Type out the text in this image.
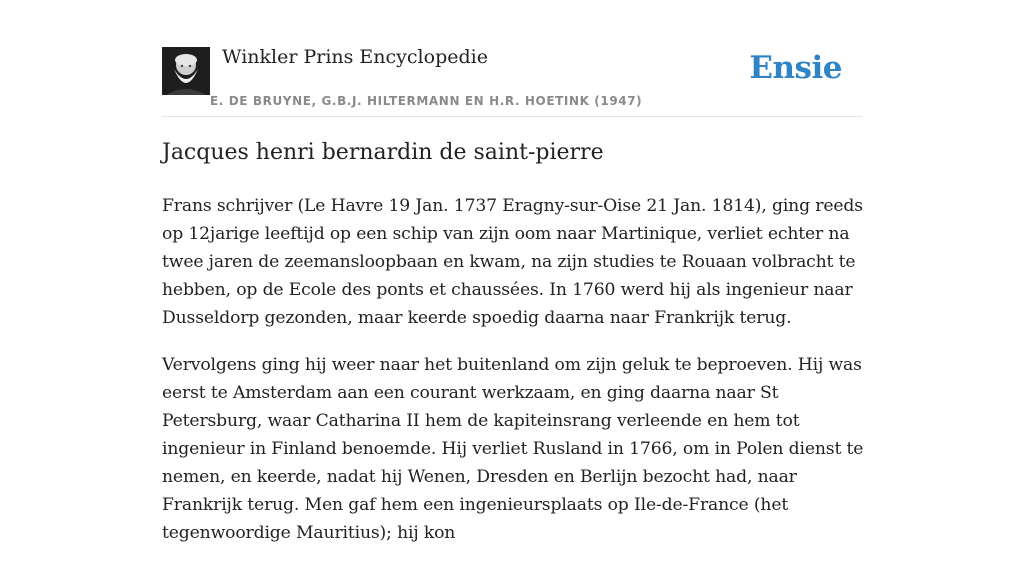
Winkler Prins Encyclopedie
E. DE BRUYNE, G.B.J. HILTERMANN EN H.R. HOETINK (1947)
Ensie
Jacques henri bernardin de saint-pierre

Frans schrijver (Le Havre 19 Jan. 1737 Eragny-sur-Oise 21 Jan. 1814), ging reeds op 12jarige leeftijd op een schip van zijn oom naar Martinique, verliet echter na twee jaren de zeemansloopbaan en kwam, na zijn studies te Rouaan volbracht te hebben, op de Ecole des ponts et chaussées. In 1760 werd hij als ingenieur naar Dusseldorp gezonden, maar keerde spoedig daarna naar Frankrijk terug.

Vervolgens ging hij weer naar het buitenland om zijn geluk te beproeven. Hij was eerst te Amsterdam aan een courant werkzaam, en ging daarna naar St Petersburg, waar Catharina II hem de kapiteinsrang verleende en hem tot ingenieur in Finland benoemde. Hij verliet Rusland in 1766, om in Polen dienst te nemen, en keerde, nadat hij Wenen, Dresden en Berlijn bezocht had, naar Frankrijk terug. Men gaf hem een ingenieursplaats op Ile-de-France (het tegenwoordige Mauritius); hij kon
